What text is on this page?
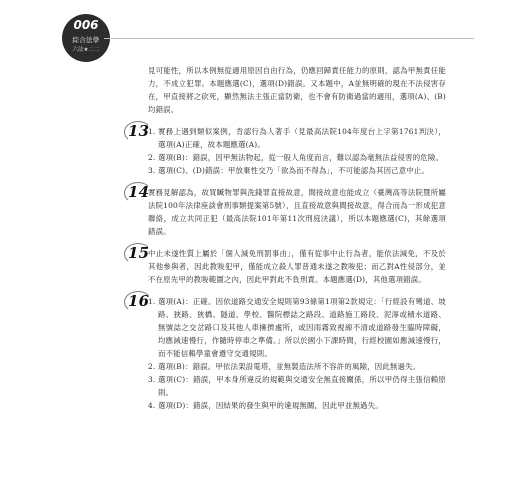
006
綜合法學
六法★二二

見可能性，所以本例無從適用原因自由行為，仍應回歸責任能力的原則，認為甲無責任能力，不成立犯罪。本題應選(C)，選項(D)錯誤。又本題中，A並無明確的現在不法侵害存在，甲直接將之砍死，顯然無法主張正當防衛，也不會有防衛過當的適用，選項(A)、(B)均錯誤。

13

1. 實務上遇到類似案例，肯認行為人著手（見最高法院104年度台上字第1761判決），選項(A)正確，故本題應選(A)。

2. 選項(B)：錯誤，因甲無法物起，從一般人角度而言，難以認為毫無法益侵害的危險。

3. 選項(C)、(D)錯誤：甲放棄性交乃「欲為而不得為」，不可能認為其因己意中止。

14

實務見解認為，故買贓物罪與洗錢罪直接故意，間接故意也能成立（臺灣高等法院暨所屬法院100年法律座談會刑事類提案第5號），且直接故意與間接故意，得合而為一形成犯意聯絡，成立共同正犯（最高法院101年第11次刑庭決議），所以本題應選(C)，其餘選項錯誤。

15

中止未遂性質上屬於「個人減免刑罰事由」，僅有從事中止行為者，能依法減免，不及於其他參與者，因此教唆犯甲，僅能成立殺人罪普通未遂之教唆犯；而乙對A性侵部分，並不在原先甲的教唆範圍之內，因此甲對此不負刑責。本題應選(D)，其他選項錯誤。

16

1. 選項(A)：正確。因依道路交通安全規則第93條第1項第2款規定：「行經設有彎道、坡路、狹路、狹橋、隧道、學校、醫院標誌之路段、道路施工路段、泥濘或積水道路、無號誌之交岔路口及其他人車擁擠處所，或因雨霧致視線不清或道路發生臨時障礙，均應減速慢行，作隨時停車之準備。」所以於國小下課時間，行經校園如應減速慢行，而不能信賴學童會遵守交通規則。

2. 選項(B)：錯誤。甲依法架設電塔，並無製造法所不容許的風險，因此無過失。

3. 選項(C)：錯誤，甲本身所違反的規範與交通安全無直接關係，所以甲仍得主張信賴原則。

4. 選項(D)：錯誤，因結果的發生與甲的違規無關，因此甲並無過失。
